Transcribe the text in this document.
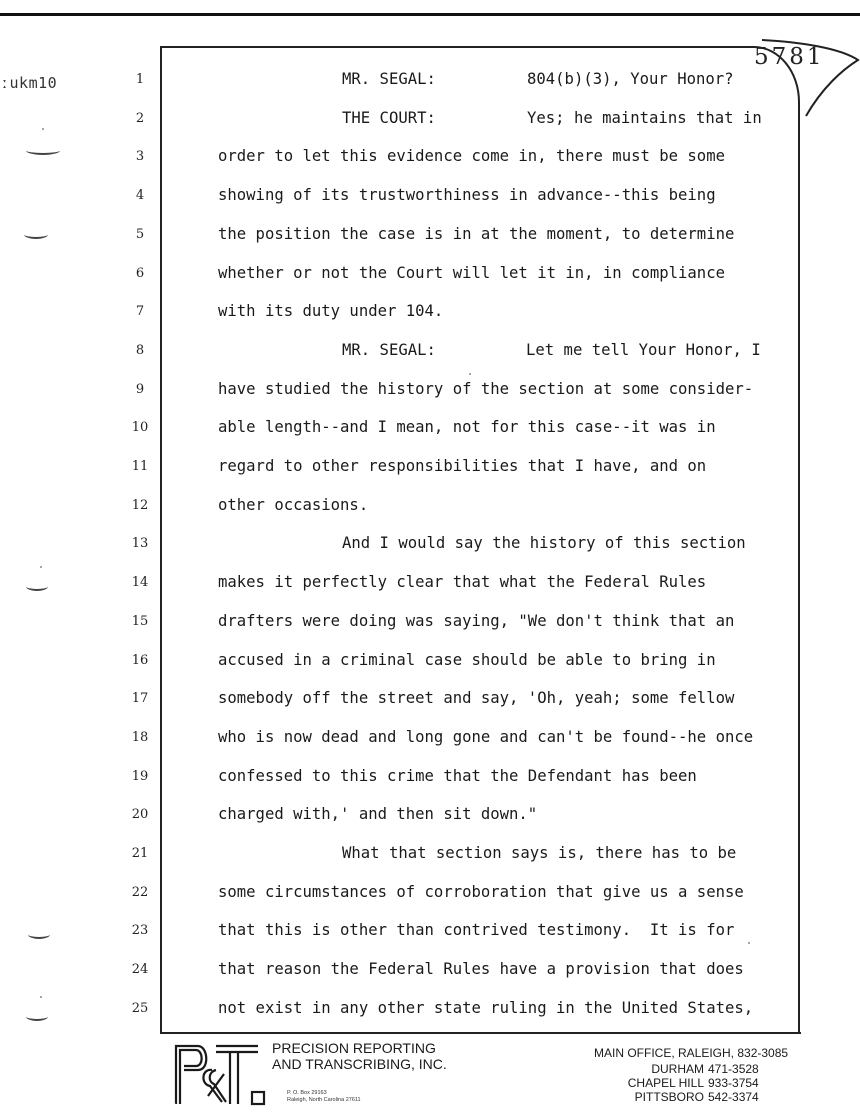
ːukm10
5781
1
2
3
4
5
6
7
8
9
10
11
12
13
14
15
16
17
18
19
20
21
22
23
24
25
MR. SEGAL:	804(b)(3), Your Honor?
THE COURT:	Yes; he maintains that in
order to let this evidence come in, there must be some
showing of its trustworthiness in advance--this being
the position the case is in at the moment, to determine
whether or not the Court will let it in, in compliance
with its duty under 104.
MR. SEGAL:	Let me tell Your Honor, I
have studied the history of the section at some consider-
able length--and I mean, not for this case--it was in
regard to other responsibilities that I have, and on
other occasions.
And I would say the history of this section
makes it perfectly clear that what the Federal Rules
drafters were doing was saying, "We don't think that an
accused in a criminal case should be able to bring in
somebody off the street and say, 'Oh, yeah; some fellow
who is now dead and long gone and can't be found--he once
confessed to this crime that the Defendant has been
charged with,' and then sit down."
What that section says is, there has to be
some circumstances of corroboration that give us a sense
that this is other than contrived testimony.  It is for
that reason the Federal Rules have a provision that does
not exist in any other state ruling in the United States,
P&T
PRECISION REPORTING
AND TRANSCRIBING, INC.
P. O. Box 29163
Raleigh, North Carolina 27611
MAIN OFFICE, RALEIGH, 832-3085
DURHAM 471-3528
CHAPEL HILL 933-3754
PITTSBORO 542-3374
